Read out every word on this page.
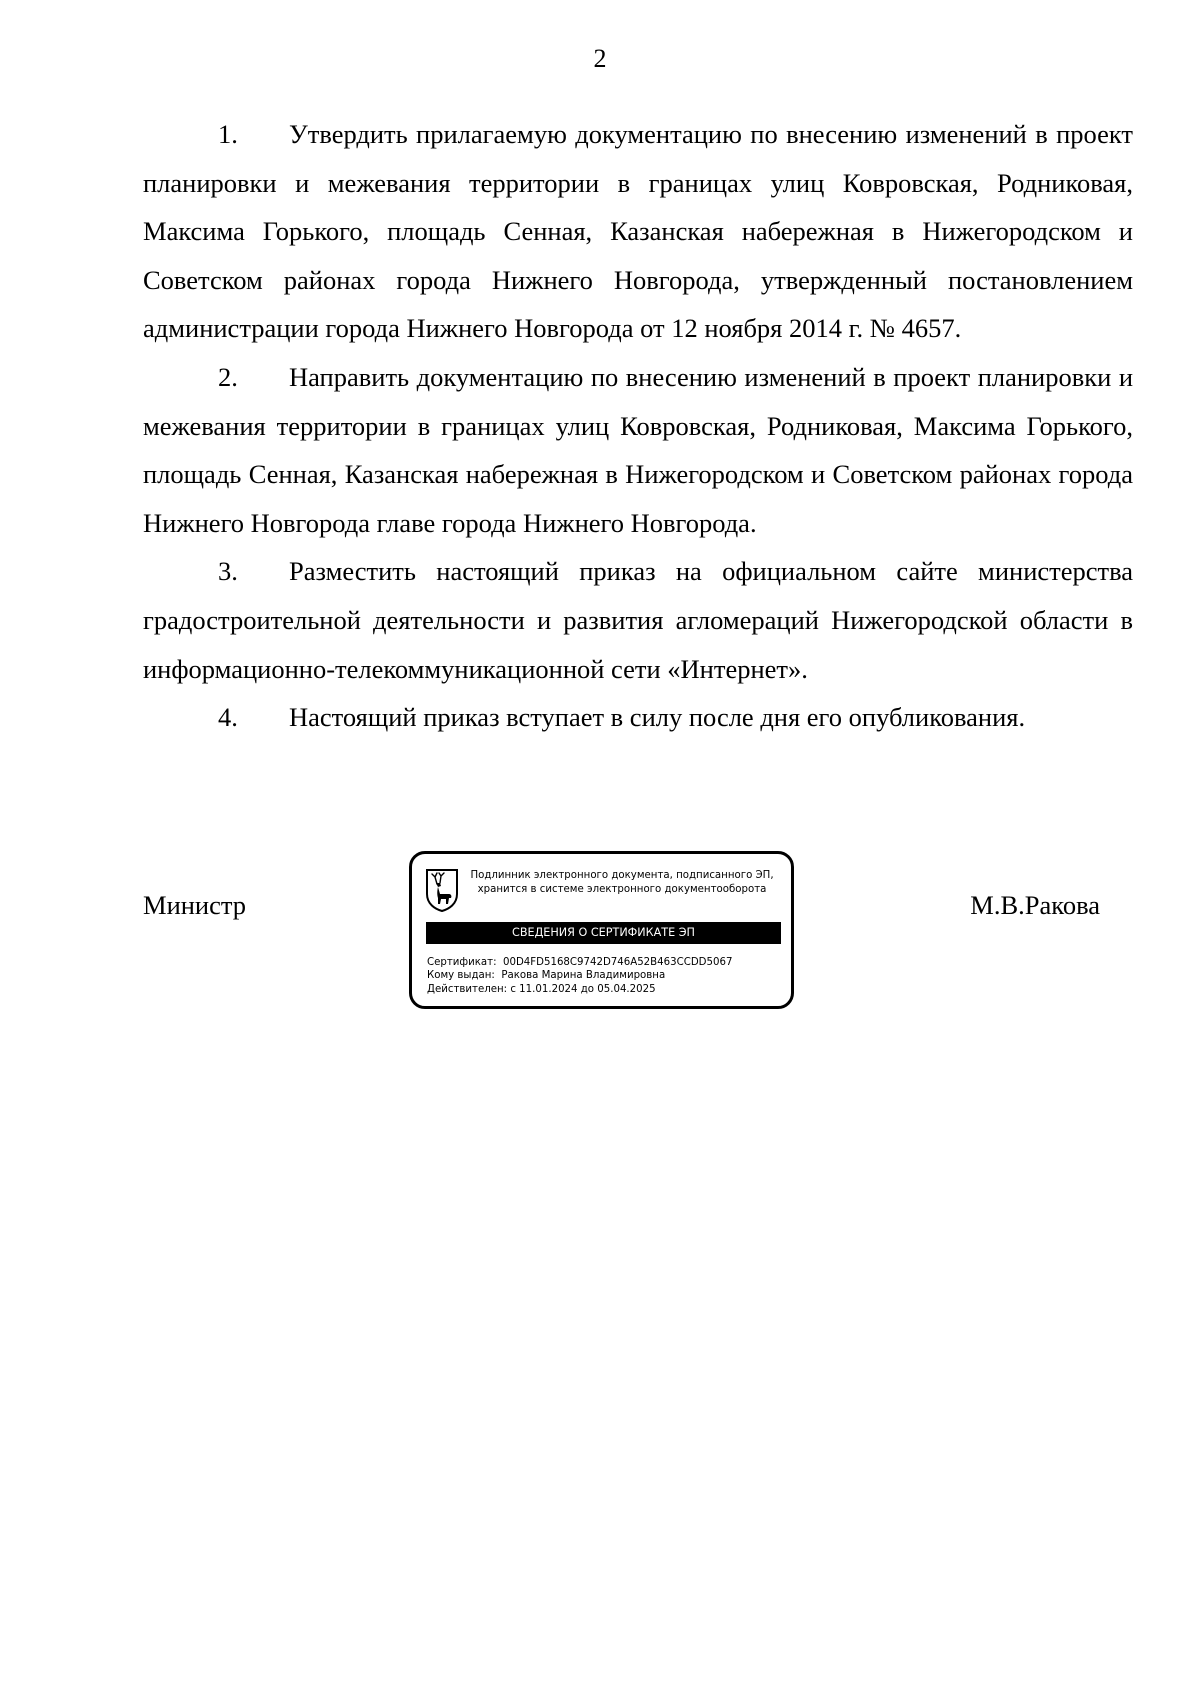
2

1. Утвердить прилагаемую документацию по внесению изменений в проект планировки и межевания территории в границах улиц Ковровская, Родниковая, Максима Горького, площадь Сенная, Казанская набережная в Нижегородском и Советском районах города Нижнего Новгорода, утвержденный постановлением администрации города Нижнего Новгорода от 12 ноября 2014 г. № 4657.

2. Направить документацию по внесению изменений в проект планировки и межевания территории в границах улиц Ковровская, Родниковая, Максима Горького, площадь Сенная, Казанская набережная в Нижегородском и Советском районах города Нижнего Новгорода главе города Нижнего Новгорода.

3. Разместить настоящий приказ на официальном сайте министерства градостроительной деятельности и развития агломераций Нижегородской области в информационно-телекоммуникационной сети «Интернет».

4. Настоящий приказ вступает в силу после дня его опубликования.

Министр	М.В.Ракова
Подлинник электронного документа, подписанного ЭП,
хранится в системе электронного документооборота
СВЕДЕНИЯ О СЕРТИФИКАТЕ ЭП
Сертификат: 00D4FD5168C9742D746A52B463CCDD5067
Кому выдан: Ракова Марина Владимировна
Действителен: с 11.01.2024 до 05.04.2025
